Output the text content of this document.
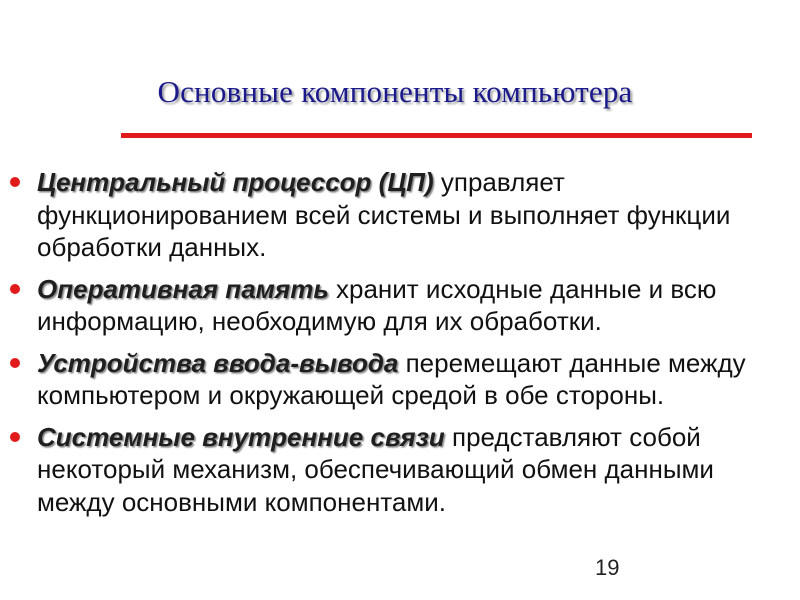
Основные компоненты компьютера
Центральный процессор (ЦП) управляет функционированием всей системы и выполняет функции обработки данных.
Оперативная память хранит исходные данные и всю информацию, необходимую для их обработки.
Устройства ввода-вывода перемещают данные между компьютером и окружающей средой в обе стороны.
Системные внутренние связи представляют собой некоторый механизм, обеспечивающий обмен данными между основными компонентами.
19
